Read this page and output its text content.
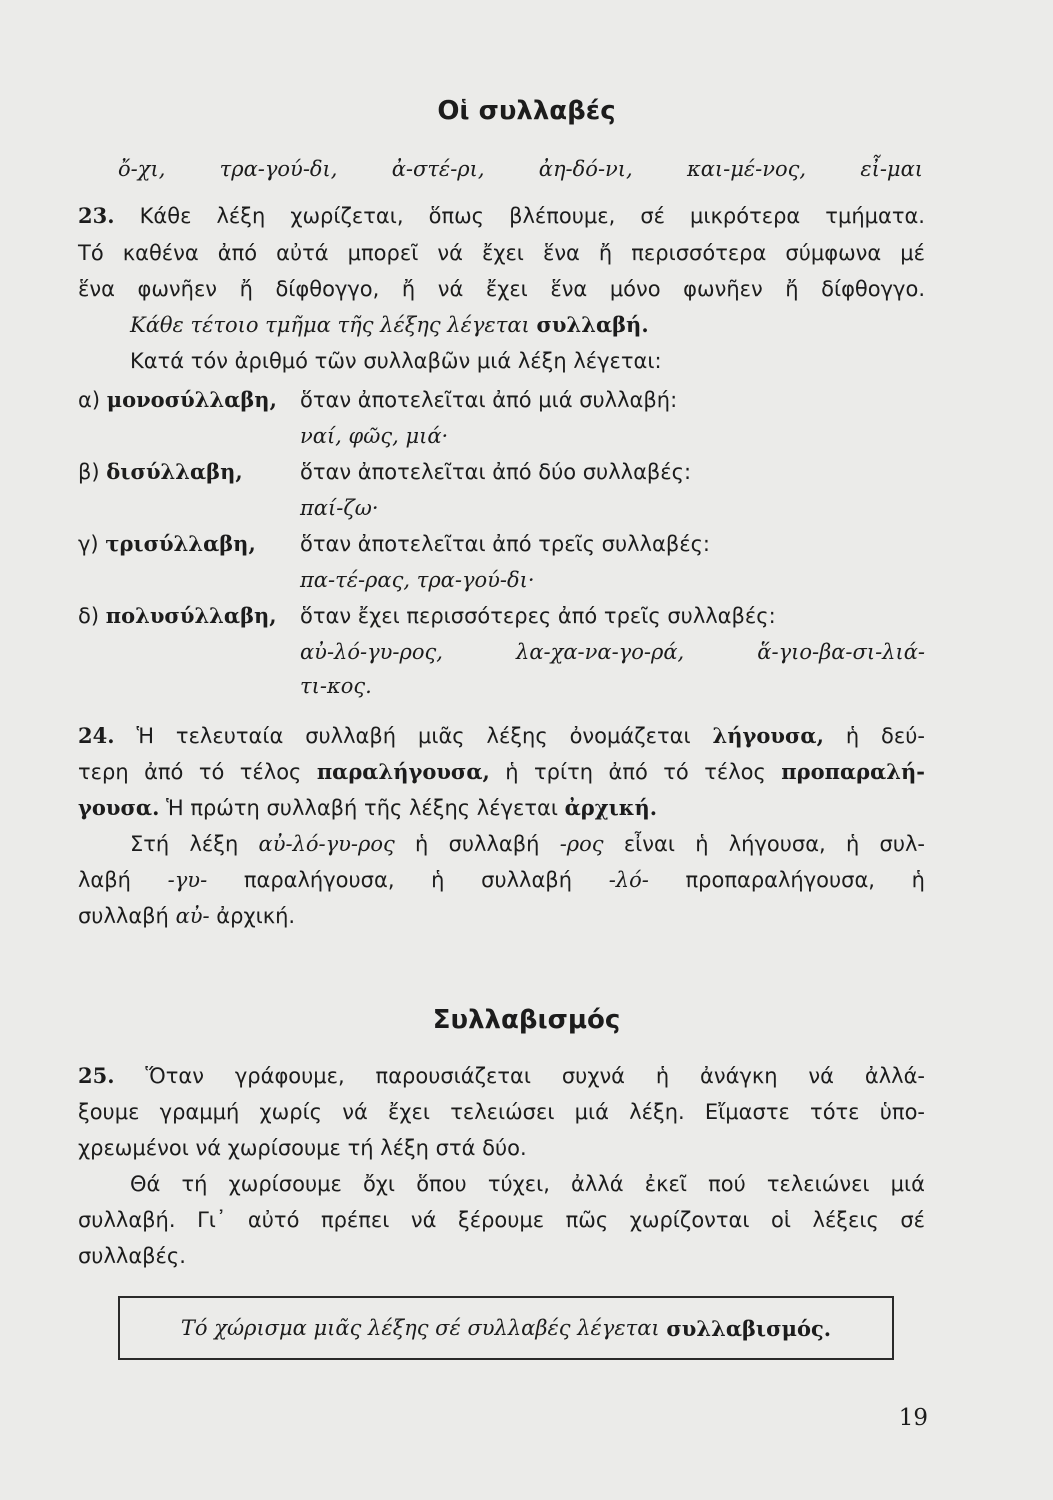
Οἱ συλλαβές
ὄ-χι, τρα-γού-δι, ἀ-στέ-ρι, ἀη-δό-νι, και-μέ-νος, εἶ-μαι
23. Κάθε λέξη χωρίζεται, ὅπως βλέπουμε, σέ μικρότερα τμήματα.
Τό καθένα ἀπό αὐτά μπορεῖ νά ἔχει ἕνα ἤ περισσότερα σύμφωνα μέ
ἕνα φωνῆεν ἤ δίφθογγο, ἤ νά ἔχει ἕνα μόνο φωνῆεν ἤ δίφθογγο.
Κάθε τέτοιο τμῆμα τῆς λέξης λέγεται συλλαβή.
Κατά τόν ἀριθμό τῶν συλλαβῶν μιά λέξη λέγεται:
α) μονοσύλλαβη, ὅταν ἀποτελεῖται ἀπό μιά συλλαβή:
ναί, φῶς, μιά·
β) δισύλλαβη,	ὅταν ἀποτελεῖται ἀπό δύο συλλαβές:
παί-ζω·
γ) τρισύλλαβη, ὅταν ἀποτελεῖται ἀπό τρεῖς συλλαβές:
πα-τέ-ρας, τρα-γού-δι·
δ) πολυσύλλαβη, ὅταν ἔχει περισσότερες ἀπό τρεῖς συλλαβές:
αὐ-λό-γυ-ρος, λα-χα-να-γο-ρά, ἅ-γιο-βα-σι-λιά-
τι-κος.
24. Ἡ τελευταία συλλαβή μιᾶς λέξης ὀνομάζεται λήγουσα, ἡ δεύ-
τερη ἀπό τό τέλος παραλήγουσα, ἡ τρίτη ἀπό τό τέλος προπαραλή-
γουσα. Ἡ πρώτη συλλαβή τῆς λέξης λέγεται ἀρχική.
Στή λέξη αὐ-λό-γυ-ρος ἡ συλλαβή -ρος εἶναι ἡ λήγουσα, ἡ συλ-
λαβή -γυ- παραλήγουσα, ἡ συλλαβή -λό- προπαραλήγουσα, ἡ
συλλαβή αὐ- ἀρχική.
Συλλαβισμός
25. Ὅταν γράφουμε, παρουσιάζεται συχνά ἡ ἀνάγκη νά ἀλλά-
ξουμε γραμμή χωρίς νά ἔχει τελειώσει μιά λέξη. Εἴμαστε τότε ὑπο-
χρεωμένοι νά χωρίσουμε τή λέξη στά δύο.
Θά τή χωρίσουμε ὄχι ὅπου τύχει, ἀλλά ἐκεῖ πού τελειώνει μιά
συλλαβή. Γι᾽ αὐτό πρέπει νά ξέρουμε πῶς χωρίζονται οἱ λέξεις σέ
συλλαβές.
Τό χώρισμα μιᾶς λέξης σέ συλλαβές λέγεται
συλλαβισμός.
19
